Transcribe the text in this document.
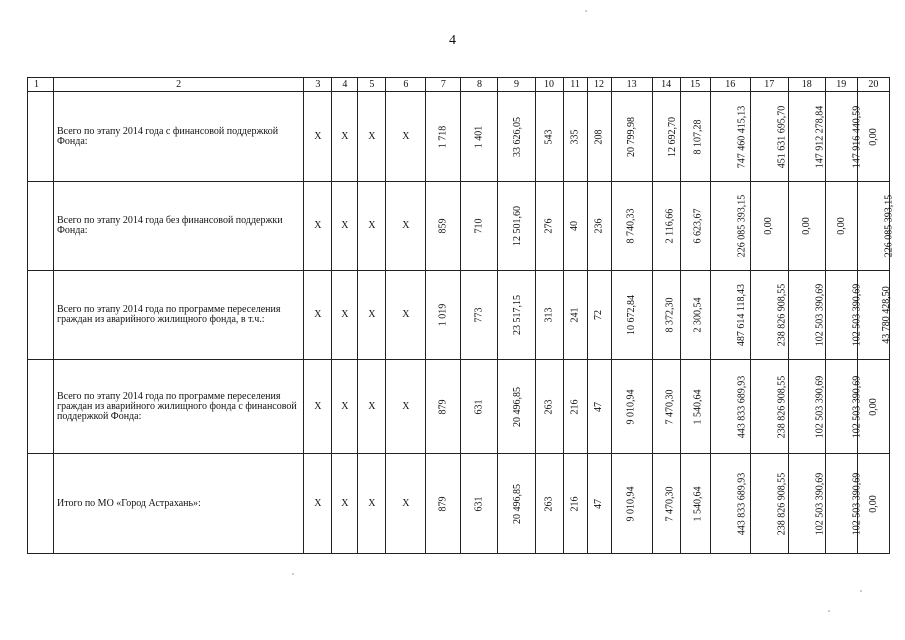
4
1	2	3	4	5	6	7	8	9	10	11	12	13	14	15	16	17	18	19	20
	Всего по этапу 2014 года с финансовой поддержкой Фонда:	X	X	X	X	1 718	1 401	33 626,05	543	335	208	20 799,98	12 692,70	8 107,28	747 460 415,13	451 631 695,70	147 912 278,84	147 916 440,59	0,00
	Всего по этапу 2014 года без финансовой поддержки Фонда:	X	X	X	X	859	710	12 501,60	276	40	236	8 740,33	2 116,66	6 623,67	226 085 393,15	0,00	0,00	0,00	226 085 393,15
	Всего по этапу 2014 года по программе переселения граждан из аварийного жилищного фонда, в т.ч.:	X	X	X	X	1 019	773	23 517,15	313	241	72	10 672,84	8 372,30	2 300,54	487 614 118,43	238 826 908,55	102 503 390,69	102 503 390,69	43 780 428,50
	Всего по этапу 2014 года по программе переселения граждан из аварийного жилищного фонда с финансовой поддержкой Фонда:	X	X	X	X	879	631	20 496,85	263	216	47	9 010,94	7 470,30	1 540,64	443 833 689,93	238 826 908,55	102 503 390,69	102 503 390,69	0,00
	Итого по МО «Город Астрахань»:	X	X	X	X	879	631	20 496,85	263	216	47	9 010,94	7 470,30	1 540,64	443 833 689,93	238 826 908,55	102 503 390,69	102 503 390,69	0,00
